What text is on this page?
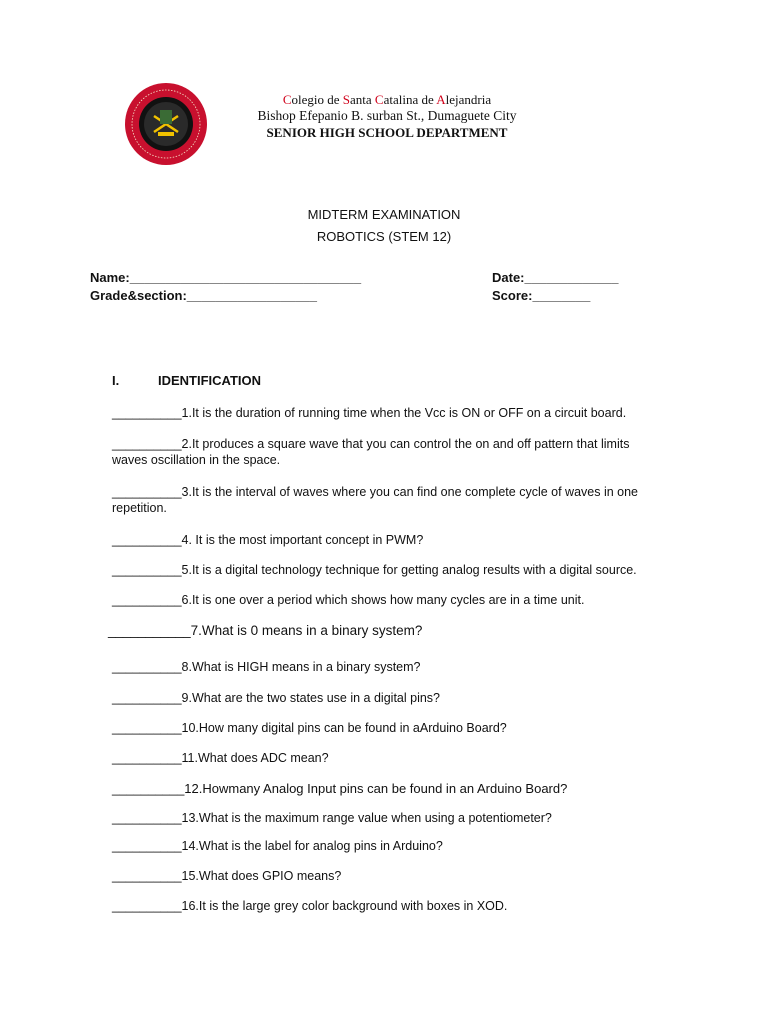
Colegio de Santa Catalina de Alejandria
Bishop Efepanio B. surban St., Dumaguete City
SENIOR HIGH SCHOOL DEPARTMENT
MIDTERM EXAMINATION
ROBOTICS (STEM 12)
Name:________________________________	Date:_____________
Grade&section:__________________	Score:________
I.	IDENTIFICATION
__________1.It is the duration of running time when the Vcc is ON or OFF on a circuit board.
__________2.It produces a square wave that you can control the on and off pattern that limits waves oscillation in the space.
__________3.It is the interval of waves where you can find one complete cycle of waves in one repetition.
__________4. It is the most important concept in PWM?
__________5.It is a digital technology technique for getting analog results with a digital source.
__________6.It is one over a period which shows how many cycles are in a time unit.
___________7.What is 0 means in a binary system?
__________8.What is HIGH means in a binary system?
__________9.What are the two states use in a digital pins?
__________10.How many digital pins can be found in aArduino Board?
__________11.What does ADC mean?
__________12.Howmany Analog Input pins can be found in an Arduino Board?
__________13.What is the maximum range value when using a potentiometer?
__________14.What is the label for analog pins in Arduino?
__________15.What does GPIO means?
__________16.It is the large grey color background with boxes in XOD.
